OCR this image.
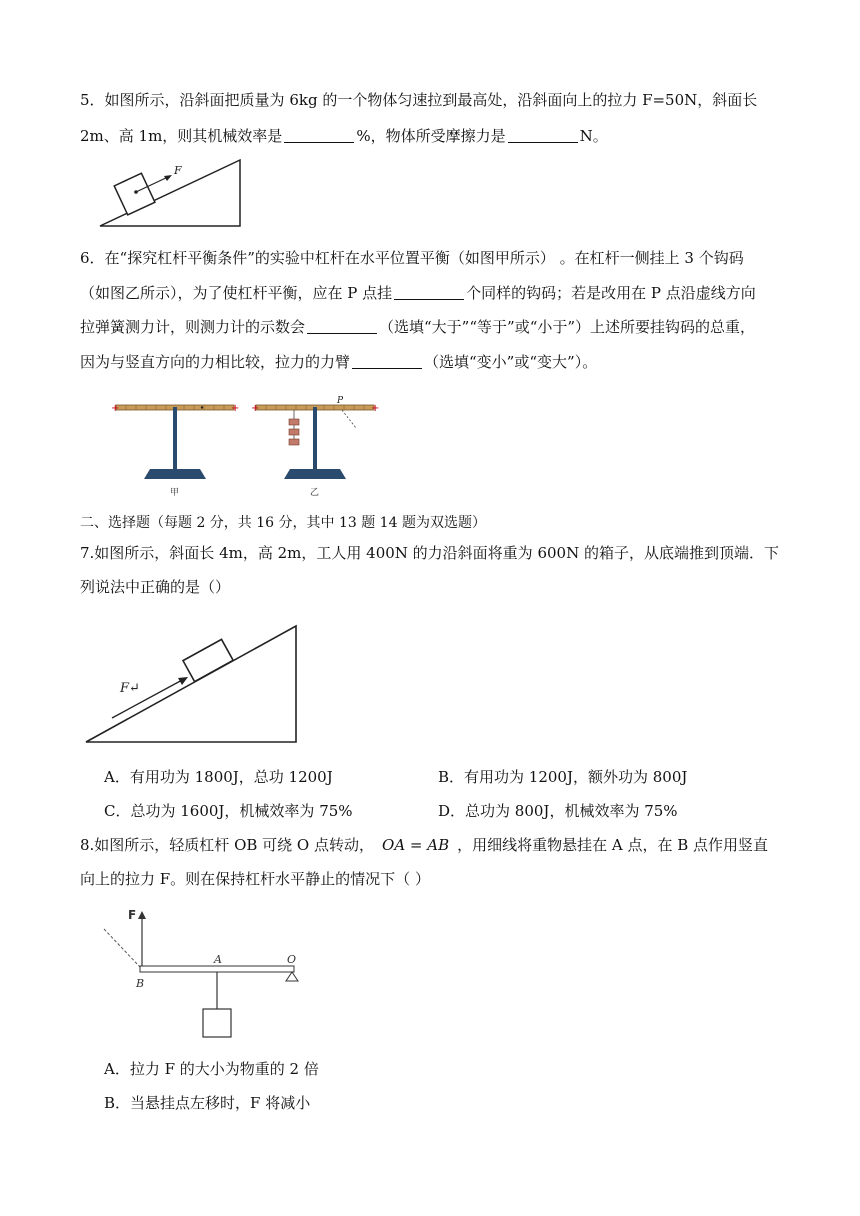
5．如图所示，沿斜面把质量为 6kg 的一个物体匀速拉到最高处，沿斜面向上的拉力 F=50N，斜面长
2m、高 1m，则其机械效率是	%，物体所受摩擦力是	N。
F
6．在“探究杠杆平衡条件”的实验中杠杆在水平位置平衡（如图甲所示） 。在杠杆一侧挂上 3 个钩码
（如图乙所示），为了使杠杆平衡，应在 P 点挂	个同样的钩码；若是改用在 P 点沿虚线方向
拉弹簧测力计，则测力计的示数会	（选填“大于”“等于”或“小于”）上述所要挂钩码的总重，
因为与竖直方向的力相比较，拉力的力臂	（选填“变小”或“变大”）。
+	+
甲
+	+
P
乙
二、选择题（每题 2 分，共 16 分，其中 13 题 14 题为双选题）
7.如图所示，斜面长 4m，高 2m，工人用 400N 的力沿斜面将重为 600N 的箱子，从底端推到顶端．下
列说法中正确的是（）
F↵
A．有用功为 1800J，总功 1200J	B．有用功为 1200J，额外功为 800J
C．总功为 1600J，机械效率为 75%	D．总功为 800J，机械效率为 75%
8.如图所示，轻质杠杆 OB 可绕 O 点转动， OA = AB ，用细线将重物悬挂在 A 点，在 B 点作用竖直
向上的拉力 F。则在保持杠杆水平静止的情况下（ ）
F
A	O
B
A．拉力 F 的大小为物重的 2 倍
B．当悬挂点左移时，F 将减小
